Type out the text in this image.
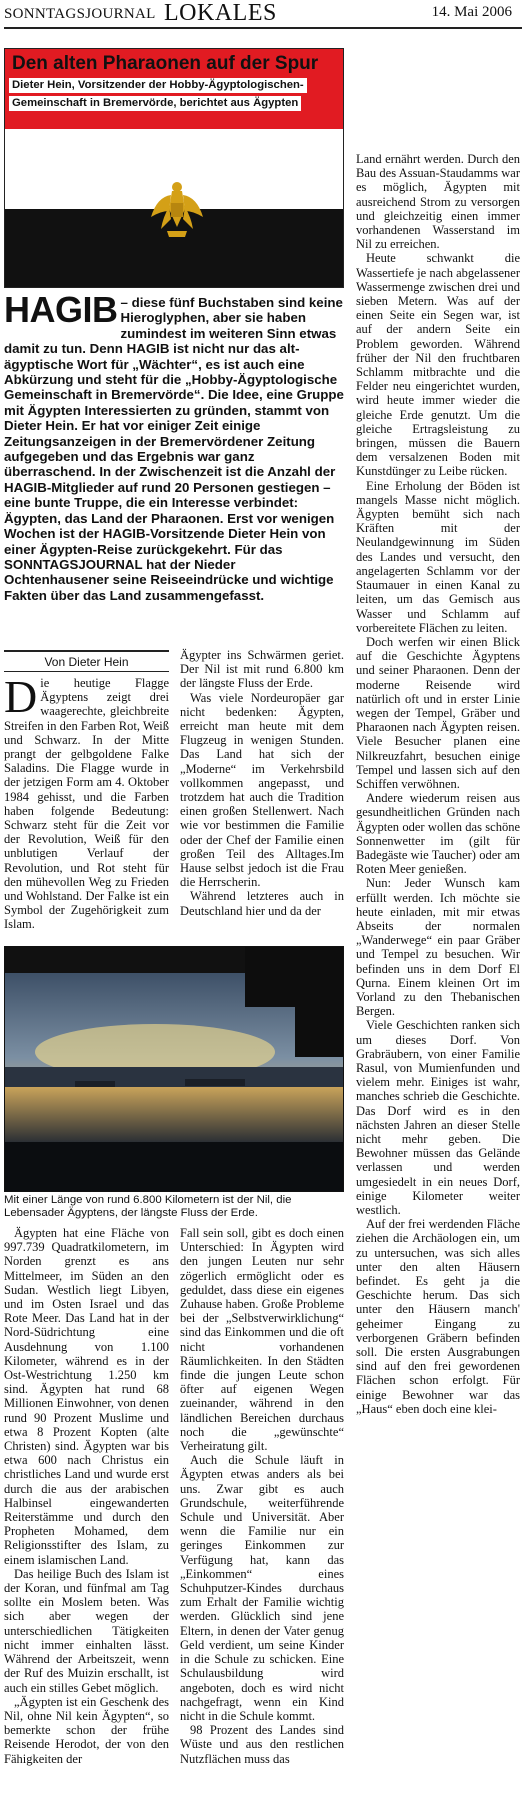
SONNTAGSJOURNAL LOKALES	14. Mai 2006
Den alten Pharaonen auf der Spur
Dieter Hein, Vorsitzender der Hobby-Ägyptologischen-
Gemeinschaft in Bremervörde, berichtet aus Ägypten
HAGIB – diese fünf Buchstaben sind keine Hieroglyphen, aber sie haben zumindest im weiteren Sinn etwas damit zu tun. Denn HAGIB ist nicht nur das alt-ägyptische Wort für „Wächter“, es ist auch eine Abkürzung und steht für die „Hobby-Ägyptologische Gemeinschaft in Bremervörde“. Die Idee, eine Gruppe mit Ägypten Interessierten zu gründen, stammt von Dieter Hein. Er hat vor einiger Zeit einige Zeitungsanzeigen in der Bremervördener Zeitung aufgegeben und das Ergebnis war ganz überraschend. In der Zwischenzeit ist die Anzahl der HAGIB-Mitglieder auf rund 20 Personen gestiegen – eine bunte Truppe, die ein Interesse verbindet: Ägypten, das Land der Pharaonen. Erst vor wenigen Wochen ist der HAGIB-Vorsitzende Dieter Hein von einer Ägypten-Reise zurückgekehrt. Für das SONNTAGSJOURNAL hat der Nieder Ochtenhausener seine Reiseeindrücke und wichtige Fakten über das Land zusammengefasst.
Von Dieter Hein

Die heutige Flagge Ägyptens zeigt drei waagerechte, gleichbreite Streifen in den Farben Rot, Weiß und Schwarz. In der Mitte prangt der gelbgoldene Falke Saladins. Die Flagge wurde in der jetzigen Form am 4. Oktober 1984 gehisst, und die Farben haben folgende Bedeutung: Schwarz steht für die Zeit vor der Revolution, Weiß für den unblutigen Verlauf der Revolution, und Rot steht für den mühevollen Weg zu Frieden und Wohlstand. Der Falke ist ein Symbol der Zugehörigkeit zum Islam.

Ägypter ins Schwärmen geriet. Der Nil ist mit rund 6.800 km der längste Fluss der Erde.

Was viele Nordeuropäer gar nicht bedenken: Ägypten, erreicht man heute mit dem Flugzeug in wenigen Stunden. Das Land hat sich der „Moderne“ im Verkehrsbild vollkommen angepasst, und trotzdem hat auch die Tradition einen großen Stellenwert. Nach wie vor bestimmen die Familie oder der Chef der Familie einen großen Teil des Alltages.Im Hause selbst jedoch ist die Frau die Herrscherin.

Während letzteres auch in Deutschland hier und da der

Mit einer Länge von rund 6.800 Kilometern ist der Nil, die Lebensader Ägyptens, der längste Fluss der Erde.

Ägypten hat eine Fläche von 997.739 Quadratkilometern, im Norden grenzt es ans Mittelmeer, im Süden an den Sudan. Westlich liegt Libyen, und im Osten Israel und das Rote Meer. Das Land hat in der Nord-Südrichtung eine Ausdehnung von 1.100 Kilometer, während es in der Ost-Westrichtung 1.250 km sind. Ägypten hat rund 68 Millionen Einwohner, von denen rund 90 Prozent Muslime und etwa 8 Prozent Kopten (alte Christen) sind. Ägypten war bis etwa 600 nach Christus ein christliches Land und wurde erst durch die aus der arabischen Halbinsel eingewanderten Reiterstämme und durch den Propheten Mohamed, dem Religionsstifter des Islam, zu einem islamischen Land.

Das heilige Buch des Islam ist der Koran, und fünfmal am Tag sollte ein Moslem beten. Was sich aber wegen der unterschiedlichen Tätigkeiten nicht immer einhalten lässt. Während der Arbeitszeit, wenn der Ruf des Muizin erschallt, ist auch ein stilles Gebet möglich.

„Ägypten ist ein Geschenk des Nil, ohne Nil kein Ägypten“, so bemerkte schon der frühe Reisende Herodot, der von den Fähigkeiten der

Fall sein soll, gibt es doch einen Unterschied: In Ägypten wird den jungen Leuten nur sehr zögerlich ermöglicht oder es geduldet, dass diese ein eigenes Zuhause haben. Große Probleme bei der „Selbstverwirklichung“ sind das Einkommen und die oft nicht vorhandenen Räumlichkeiten. In den Städten finde die jungen Leute schon öfter auf eigenen Wegen zueinander, während in den ländlichen Bereichen durchaus noch die „gewünschte“ Verheiratung gilt.

Auch die Schule läuft in Ägypten etwas anders als bei uns. Zwar gibt es auch Grundschule, weiterführende Schule und Universität. Aber wenn die Familie nur ein geringes Einkommen zur Verfügung hat, kann das „Einkommen“ eines Schuhputzer-Kindes durchaus zum Erhalt der Familie wichtig werden. Glücklich sind jene Eltern, in denen der Vater genug Geld verdient, um seine Kinder in die Schule zu schicken. Eine Schulausbildung wird angeboten, doch es wird nicht nachgefragt, wenn ein Kind nicht in die Schule kommt.

98 Prozent des Landes sind Wüste und aus den restlichen Nutzflächen muss das

Land ernährt werden. Durch den Bau des Assuan-Staudamms war es möglich, Ägypten mit ausreichend Strom zu versorgen und gleichzeitig einen immer vorhandenen Wasserstand im Nil zu erreichen.

Heute schwankt die Wassertiefe je nach abgelassener Wassermenge zwischen drei und sieben Metern. Was auf der einen Seite ein Segen war, ist auf der andern Seite ein Problem geworden. Während früher der Nil den fruchtbaren Schlamm mitbrachte und die Felder neu eingerichtet wurden, wird heute immer wieder die gleiche Erde genutzt. Um die gleiche Ertragsleistung zu bringen, müssen die Bauern dem versalzenen Boden mit Kunstdünger zu Leibe rücken.

Eine Erholung der Böden ist mangels Masse nicht möglich. Ägypten bemüht sich nach Kräften mit der Neulandgewinnung im Süden des Landes und versucht, den angelagerten Schlamm vor der Staumauer in einen Kanal zu leiten, um das Gemisch aus Wasser und Schlamm auf vorbereitete Flächen zu leiten.

Doch werfen wir einen Blick auf die Geschichte Ägyptens und seiner Pharaonen. Denn der moderne Reisende wird natürlich oft und in erster Linie wegen der Tempel, Gräber und Pharaonen nach Ägypten reisen. Viele Besucher planen eine Nilkreuzfahrt, besuchen einige Tempel und lassen sich auf den Schiffen verwöhnen.

Andere wiederum reisen aus gesundheitlichen Gründen nach Ägypten oder wollen das schöne Sonnenwetter im (gilt für Badegäste wie Taucher) oder am Roten Meer genießen.

Nun: Jeder Wunsch kam erfüllt werden. Ich möchte sie heute einladen, mit mir etwas Abseits der normalen „Wanderwege“ ein paar Gräber und Tempel zu besuchen. Wir befinden uns in dem Dorf El Qurna. Einem kleinen Ort im Vorland zu den Thebanischen Bergen.

Viele Geschichten ranken sich um dieses Dorf. Von Grabräubern, von einer Familie Rasul, von Mumienfunden und vielem mehr. Einiges ist wahr, manches schrieb die Geschichte. Das Dorf wird es in den nächsten Jahren an dieser Stelle nicht mehr geben. Die Bewohner müssen das Gelände verlassen und werden umgesiedelt in ein neues Dorf, einige Kilometer weiter westlich.

Auf der frei werdenden Fläche ziehen die Archäologen ein, um zu untersuchen, was sich alles unter den alten Häusern befindet. Es geht ja die Geschichte herum. Das sich unter den Häusern manch' geheimer Eingang zu verborgenen Gräbern befinden soll. Die ersten Ausgrabungen sind auf den frei gewordenen Flächen schon erfolgt. Für einige Bewohner war das „Haus“ eben doch eine klei-
